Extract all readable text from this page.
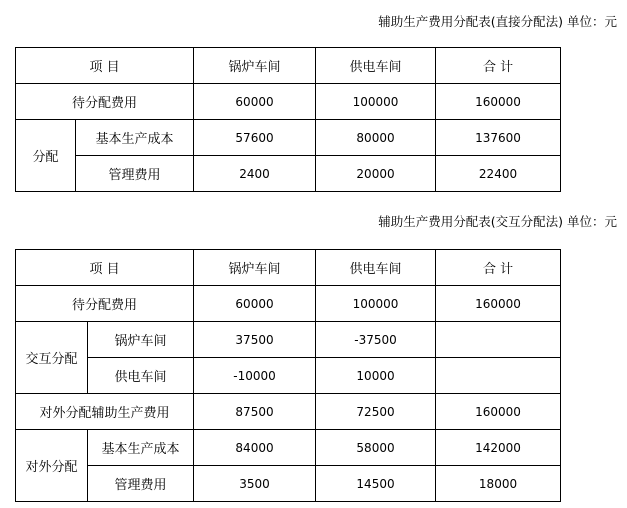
辅助生产费用分配表(直接分配法) 单位：元
项 目		锅炉车间	供电车间	合 计
待分配费用		60000	100000	160000
分配	基本生产成本	57600	80000	137600
	管理费用	2400	20000	22400
辅助生产费用分配表(交互分配法) 单位：元
项 目		锅炉车间	供电车间	合 计
待分配费用		60000	100000	160000
交互分配	锅炉车间	37500	-37500	
	供电车间	-10000	10000	
对外分配辅助生产费用		87500	72500	160000
对外分配	基本生产成本	84000	58000	142000
	管理费用	3500	14500	18000
